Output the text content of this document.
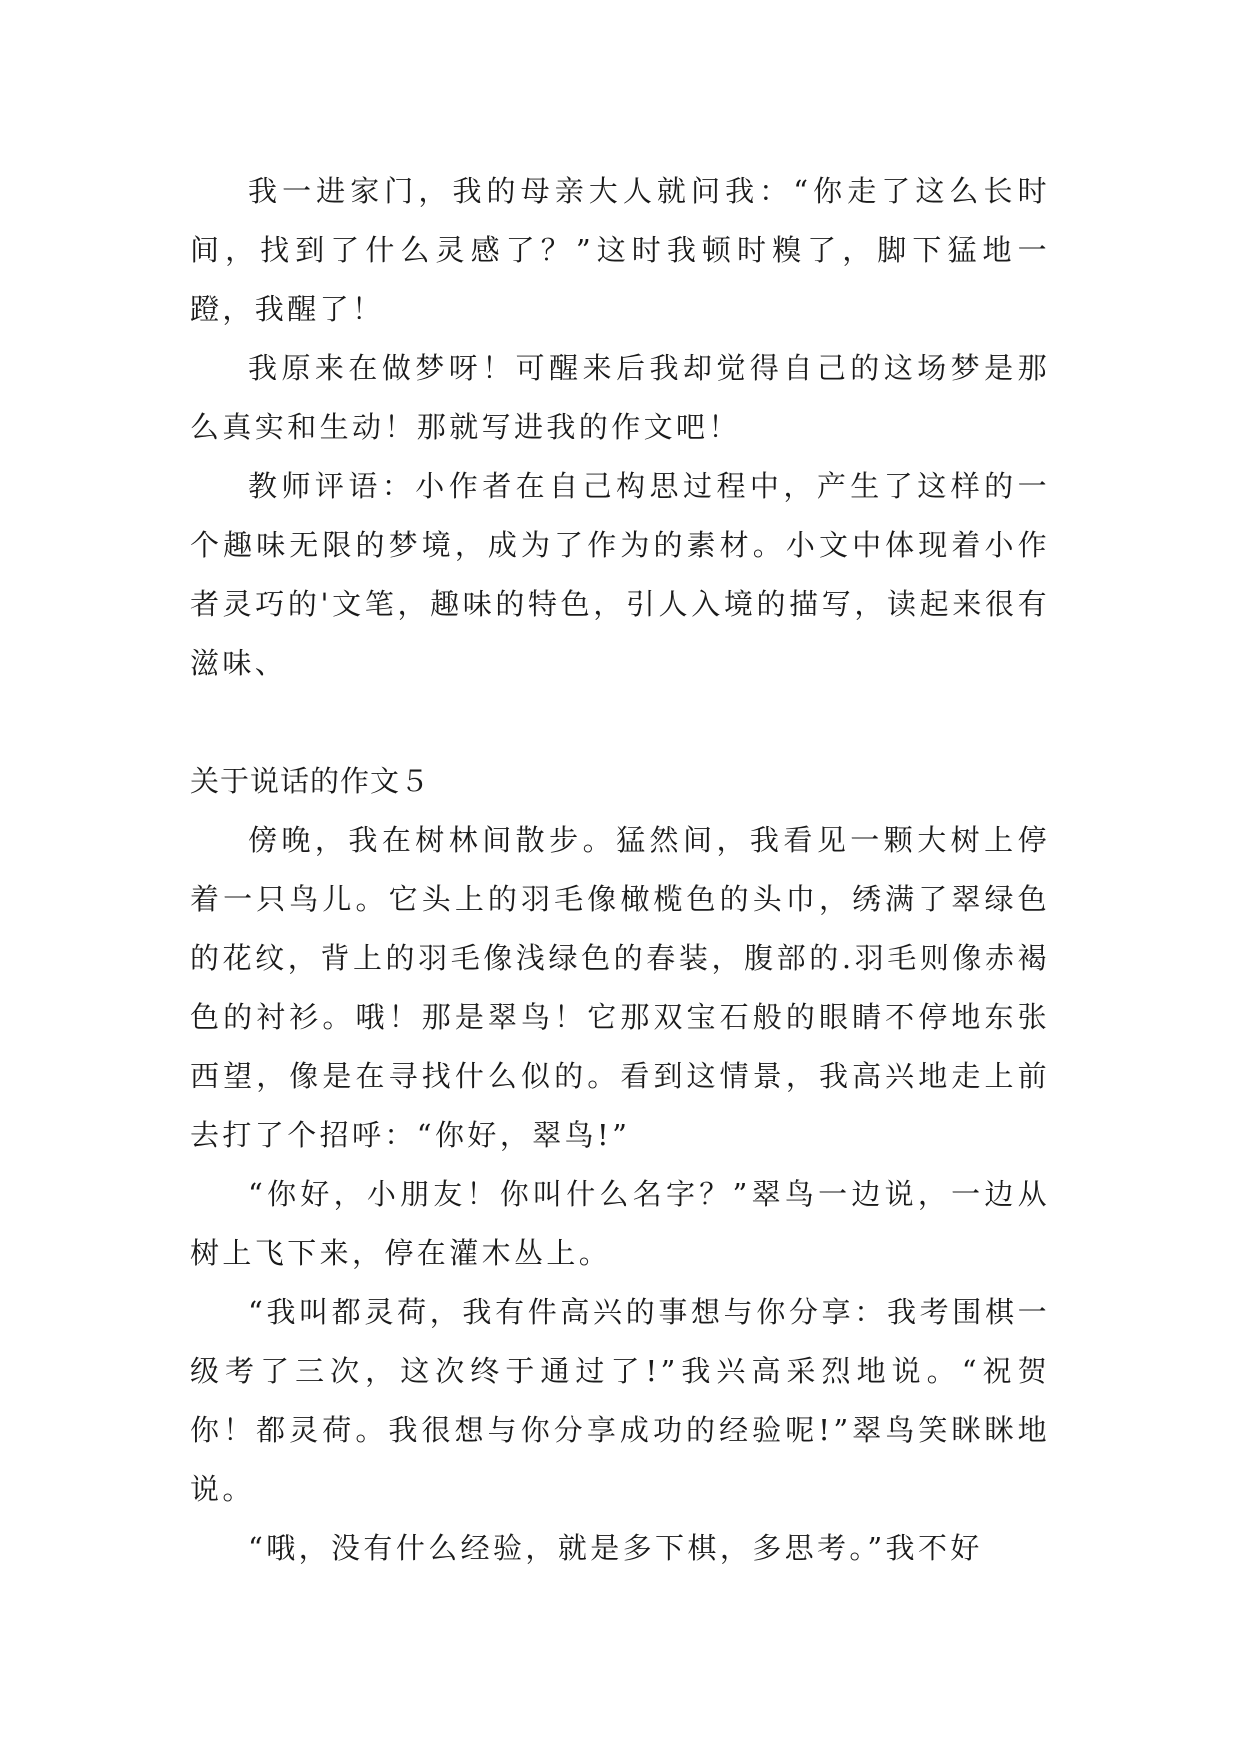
我一进家门，我的母亲大人就问我：“你走了这么长时间，找到了什么灵感了？”这时我顿时糗了，脚下猛地一蹬，我醒了！

我原来在做梦呀！可醒来后我却觉得自己的这场梦是那么真实和生动！那就写进我的作文吧！

教师评语：小作者在自己构思过程中，产生了这样的一个趣味无限的梦境，成为了作为的素材。小文中体现着小作者灵巧的'文笔，趣味的特色，引人入境的描写，读起来很有滋味、

关于说话的作文５

傍晚，我在树林间散步。猛然间，我看见一颗大树上停着一只鸟儿。它头上的羽毛像橄榄色的头巾，绣满了翠绿色的花纹，背上的羽毛像浅绿色的春装，腹部的.羽毛则像赤褐色的衬衫。哦！那是翠鸟！它那双宝石般的眼睛不停地东张西望，像是在寻找什么似的。看到这情景，我高兴地走上前去打了个招呼：“你好，翠鸟!”

“你好，小朋友！你叫什么名字？”翠鸟一边说，一边从树上飞下来，停在灌木丛上。

“我叫都灵荷，我有件高兴的事想与你分享：我考围棋一级考了三次，这次终于通过了!”我兴高采烈地说。“祝贺你！都灵荷。我很想与你分享成功的经验呢!”翠鸟笑眯眯地说。

“哦，没有什么经验，就是多下棋，多思考。”我不好
